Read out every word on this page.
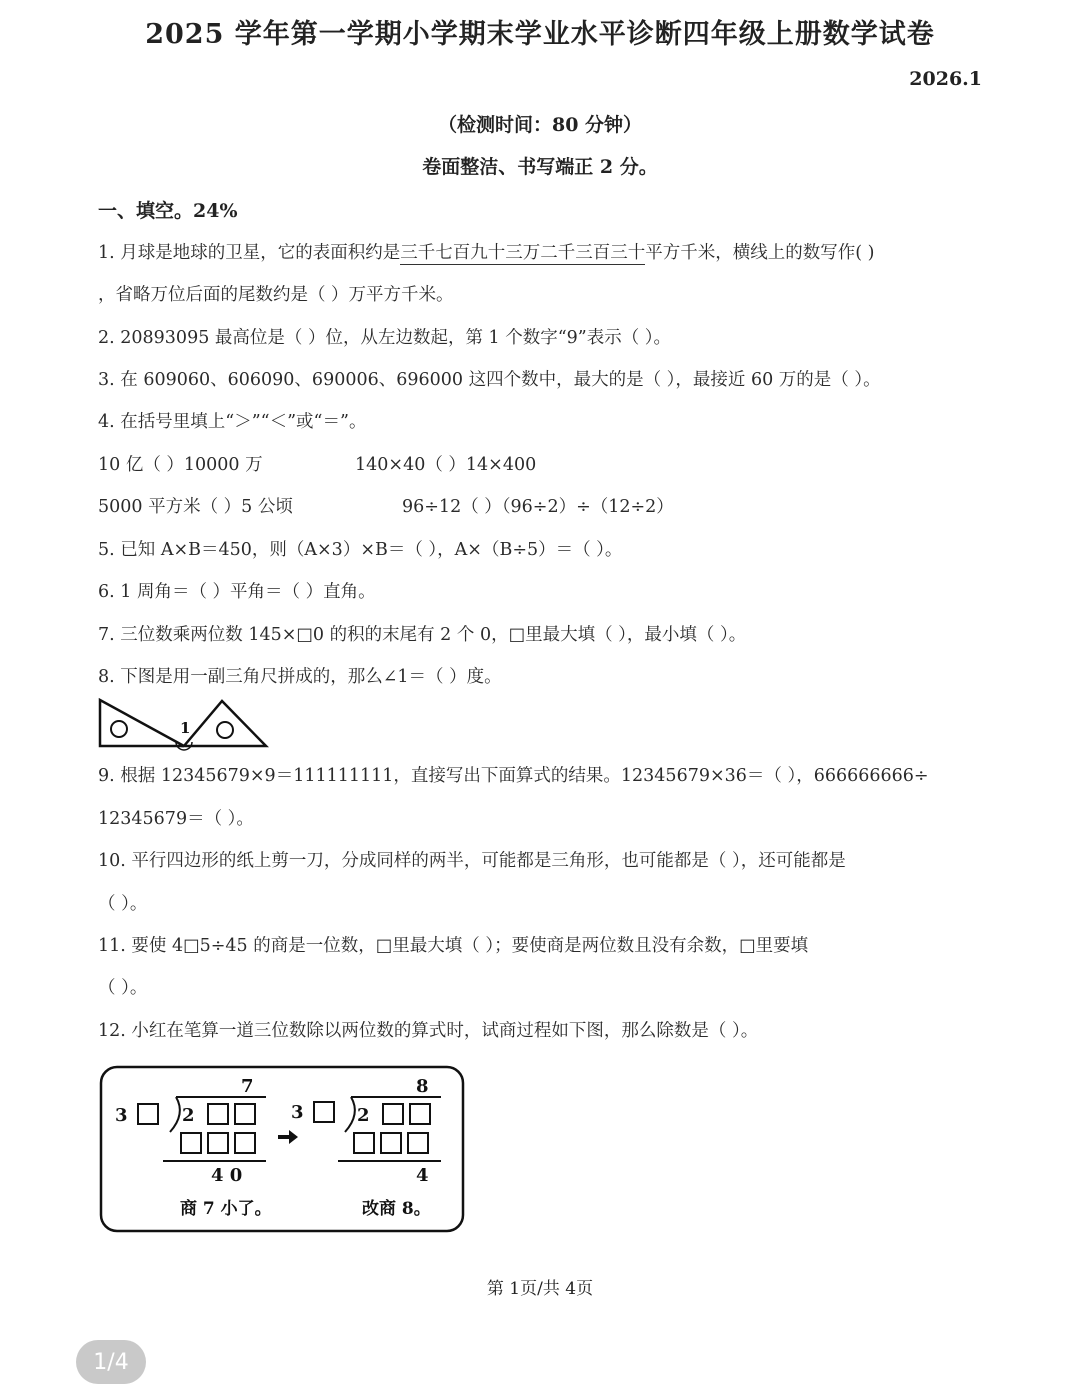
2025 学年第一学期小学期末学业水平诊断四年级上册数学试卷
2026.1
（检测时间：80 分钟）
卷面整洁、书写端正 2 分。
一、填空。24%
1. 月球是地球的卫星，它的表面积约是三千七百九十三万二千三百三十平方千米，横线上的数写作( )
，省略万位后面的尾数约是（ ）万平方千米。
2. 20893095 最高位是（ ）位，从左边数起，第 1 个数字“9”表示（ ）。
3. 在 609060、606090、690006、696000 这四个数中，最大的是（ ），最接近 60 万的是（ ）。
4. 在括号里填上“＞”“＜”或“＝”。
10 亿（ ）10000 万	140×40（ ）14×400
5000 平方米（ ）5 公顷	96÷12（ ）（96÷2）÷（12÷2）
5. 已知 A×B＝450，则（A×3）×B＝（ ），A×（B÷5）＝（ ）。
6. 1 周角＝（ ）平角＝（ ）直角。
7. 三位数乘两位数 145×□0 的积的末尾有 2 个 0，□里最大填（ ），最小填（ ）。
8. 下图是用一副三角尺拼成的，那么∠1＝（ ）度。
1
9. 根据 12345679×9＝111111111，直接写出下面算式的结果。12345679×36＝（ ），666666666÷
12345679＝（ ）。
10. 平行四边形的纸上剪一刀，分成同样的两半，可能都是三角形，也可能都是（ ），还可能都是
（ ）。
11. 要使 4□5÷45 的商是一位数，□里最大填（ ）；要使商是两位数且没有余数，□里要填
（ ）。
12. 小红在笔算一道三位数除以两位数的算式时，试商过程如下图，那么除数是（ ）。
7
3	2
4 0
商 7 小了。
8
3	2
4
改商 8。
第 1页/共 4页
1/4
